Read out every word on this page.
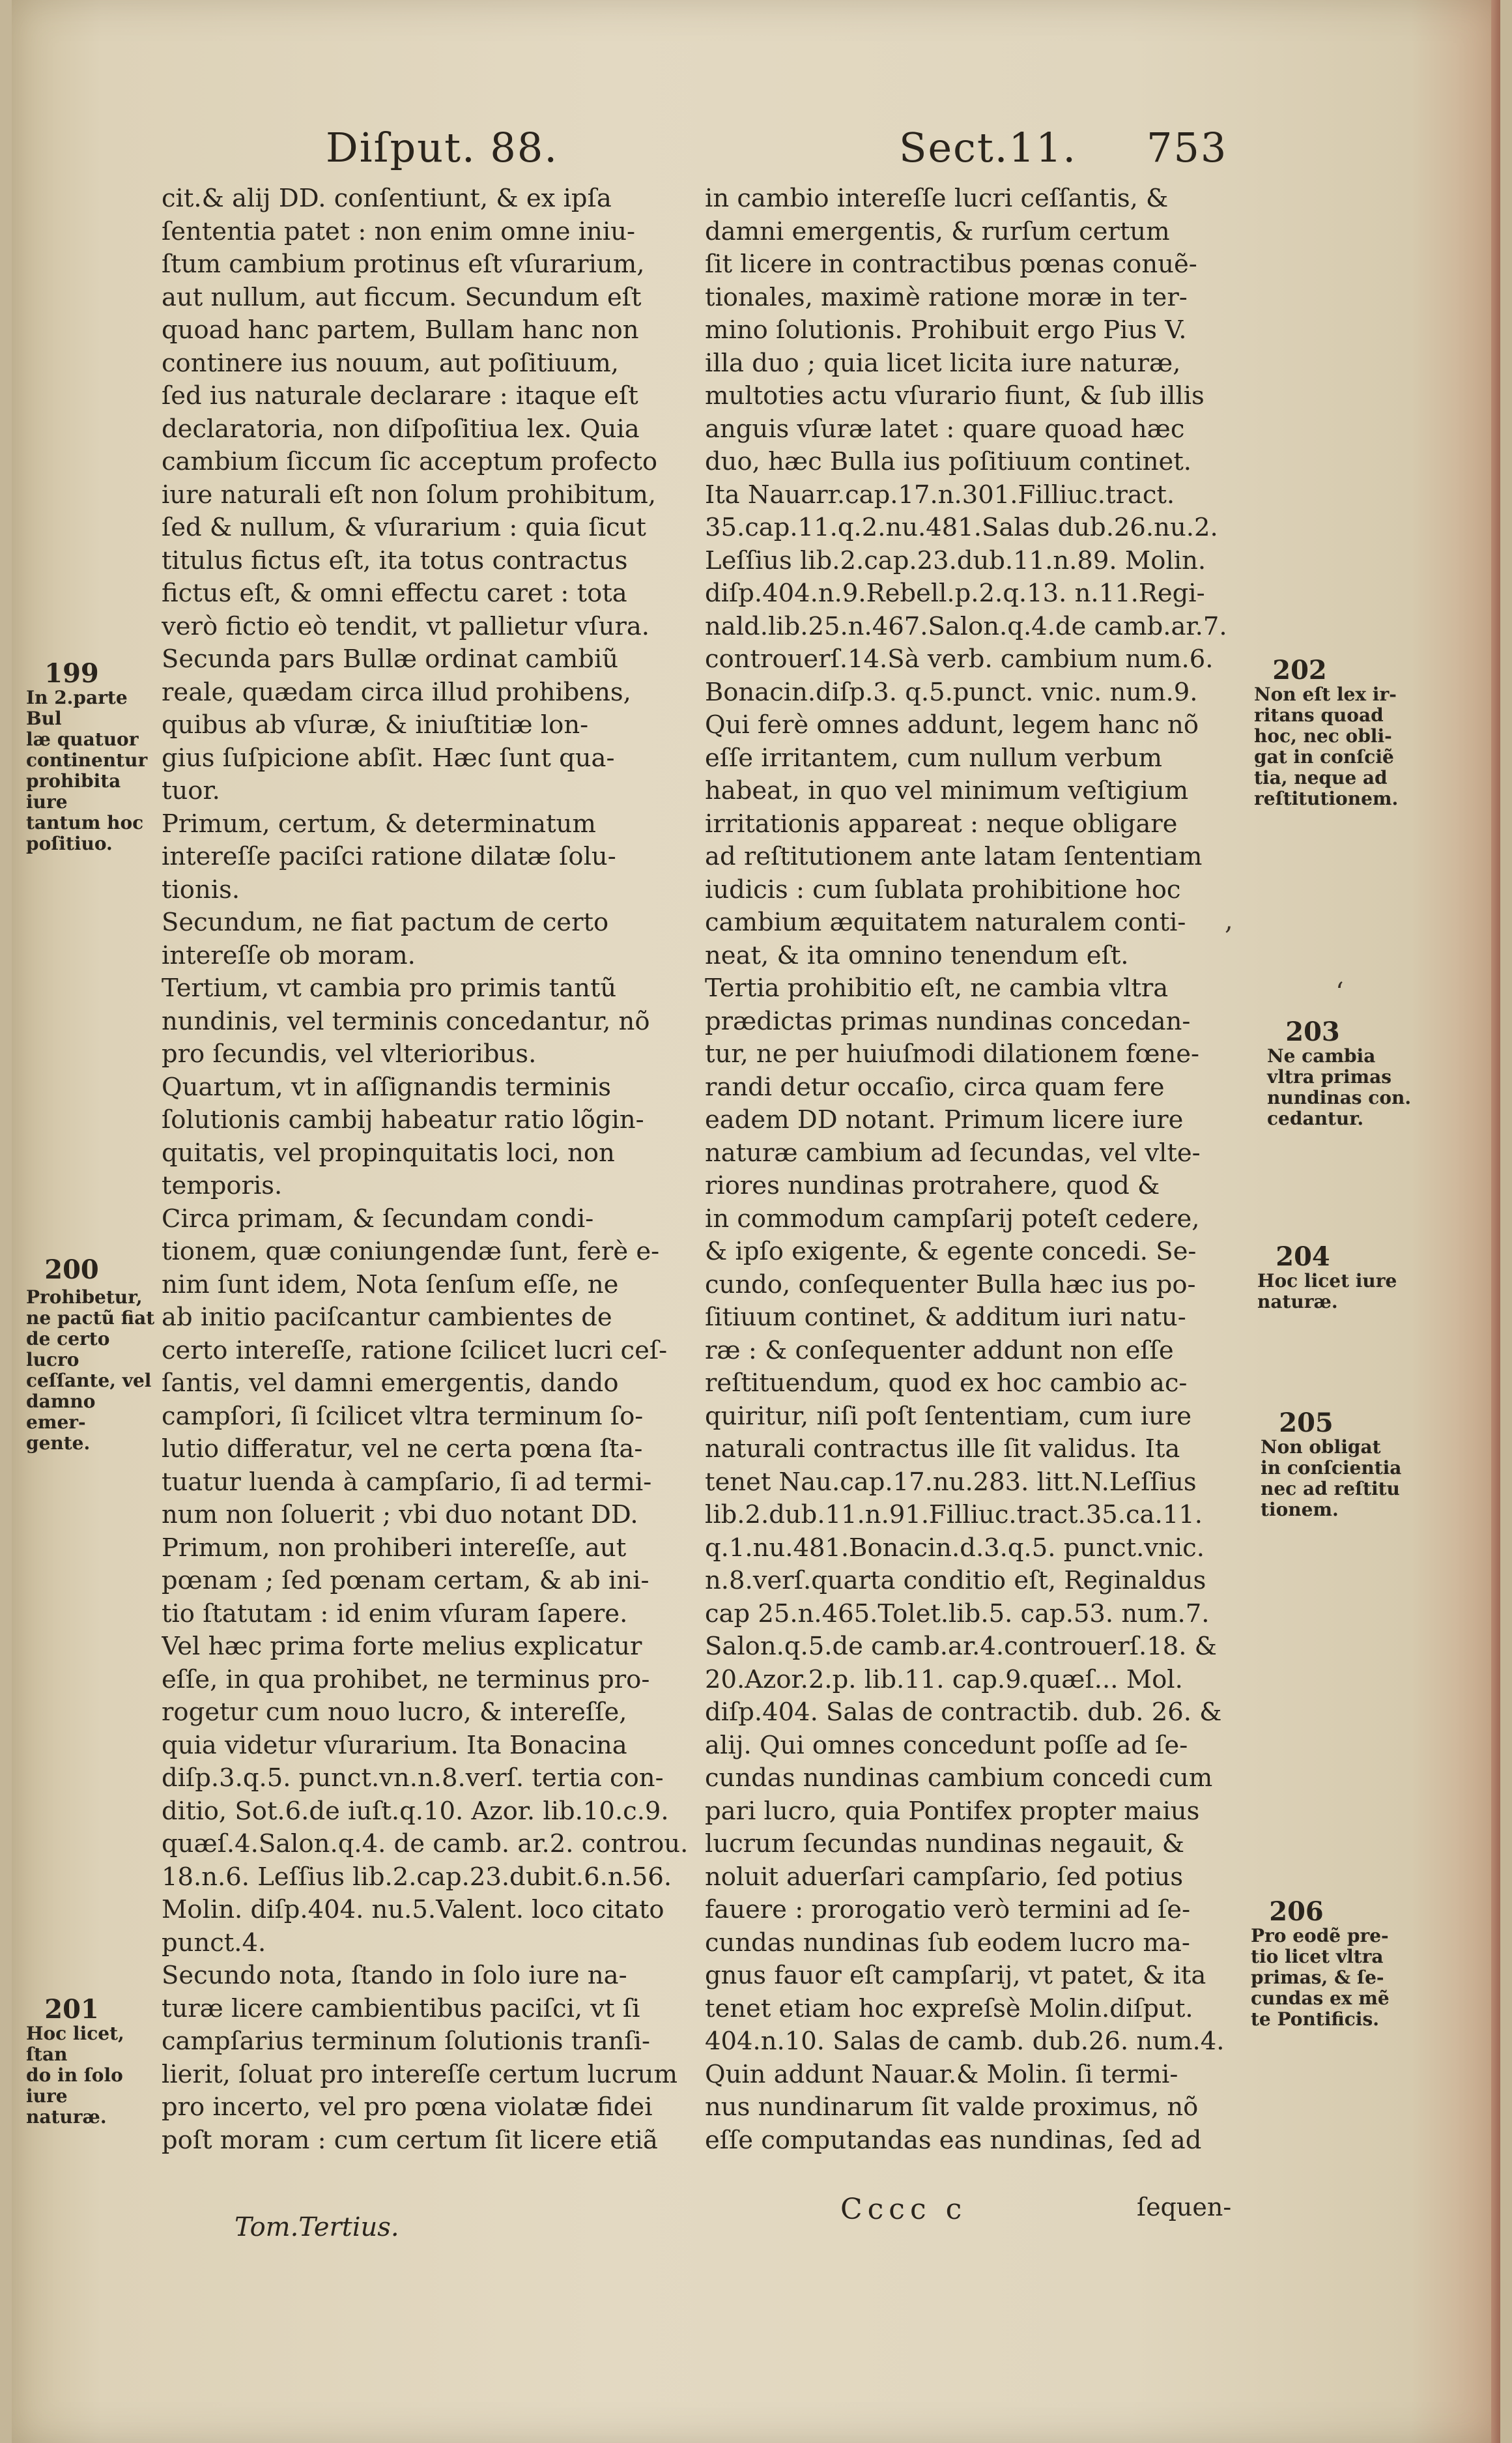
Diſput. 88.	Sect.11. 753
cit.& alij DD. conſentiunt, & ex ipſa
ſententia patet : non enim omne iniu-
ſtum cambium protinus eſt vſurarium,
aut nullum, aut ficcum. Secundum eſt
quoad hanc partem, Bullam hanc non
continere ius nouum, aut poſitiuum,
ſed ius naturale declarare : itaque eſt
declaratoria, non diſpoſitiua lex. Quia
cambium ſiccum ſic acceptum profecto
iure naturali eſt non ſolum prohibitum,
ſed & nullum, & vſurarium : quia ſicut
titulus fictus eſt, ita totus contractus
fictus eſt, & omni effectu caret : tota
verò fictio eò tendit, vt pallietur vſura.
Secunda pars Bullæ ordinat cambiũ
reale, quædam circa illud prohibens,
quibus ab vſuræ, & iniuſtitiæ lon-
gius ſuſpicione abſit. Hæc ſunt qua-
tuor.
Primum, certum, & determinatum
intereſſe paciſci ratione dilatæ ſolu-
tionis.
Secundum, ne fiat pactum de certo
intereſſe ob moram.
Tertium, vt cambia pro primis tantũ
nundinis, vel terminis concedantur, nõ
pro ſecundis, vel vlterioribus.
Quartum, vt in aſſignandis terminis
ſolutionis cambij habeatur ratio lõgin-
quitatis, vel propinquitatis loci, non
temporis.
Circa primam, & ſecundam condi-
tionem, quæ coniungendæ ſunt, ferè e-
nim ſunt idem, Nota ſenſum eſſe, ne
ab initio paciſcantur cambientes de
certo intereſſe, ratione ſcilicet lucri ceſ-
ſantis, vel damni emergentis, dando
campſori, ſi ſcilicet vltra terminum ſo-
lutio differatur, vel ne certa pœna ſta-
tuatur luenda à campſario, ſi ad termi-
num non ſoluerit ; vbi duo notant DD.
Primum, non prohiberi intereſſe, aut
pœnam ; ſed pœnam certam, & ab ini-
tio ſtatutam : id enim vſuram ſapere.
Vel hæc prima forte melius explicatur
eſſe, in qua prohibet, ne terminus pro-
rogetur cum nouo lucro, & intereſſe,
quia videtur vſurarium. Ita Bonacina
diſp.3.q.5. punct.vn.n.8.verſ. tertia con-
ditio, Sot.6.de iuſt.q.10. Azor. lib.10.c.9.
quæſ.4.Salon.q.4. de camb. ar.2. controu.
18.n.6. Leſſius lib.2.cap.23.dubit.6.n.56.
Molin. diſp.404. nu.5.Valent. loco citato
punct.4.
Secundo nota, ſtando in ſolo iure na-
turæ licere cambientibus paciſci, vt ſi
campſarius terminum ſolutionis tranſi-
lierit, ſoluat pro intereſſe certum lucrum
pro incerto, vel pro pœna violatæ fidei
poſt moram : cum certum ſit licere etiã
in cambio intereſſe lucri ceſſantis, &
damni emergentis, & rurſum certum
ſit licere in contractibus pœnas conuẽ-
tionales, maximè ratione moræ in ter-
mino ſolutionis. Prohibuit ergo Pius V.
illa duo ; quia licet licita iure naturæ,
multoties actu vſurario fiunt, & ſub illis
anguis vſuræ latet : quare quoad hæc
duo, hæc Bulla ius poſitiuum continet.
Ita Nauarr.cap.17.n.301.Filliuc.tract.
35.cap.11.q.2.nu.481.Salas dub.26.nu.2.
Leſſius lib.2.cap.23.dub.11.n.89. Molin.
diſp.404.n.9.Rebell.p.2.q.13. n.11.Regi-
nald.lib.25.n.467.Salon.q.4.de camb.ar.7.
controuerſ.14.Sà verb. cambium num.6.
Bonacin.diſp.3. q.5.punct. vnic. num.9.
Qui ferè omnes addunt, legem hanc nõ
eſſe irritantem, cum nullum verbum
habeat, in quo vel minimum veſtigium
irritationis appareat : neque obligare
ad reſtitutionem ante latam ſententiam
iudicis : cum ſublata prohibitione hoc
cambium æquitatem naturalem conti-
neat, & ita omnino tenendum eſt.
Tertia prohibitio eſt, ne cambia vltra
prædictas primas nundinas concedan-
tur, ne per huiuſmodi dilationem fœne-
randi detur occaſio, circa quam fere
eadem DD notant. Primum licere iure
naturæ cambium ad ſecundas, vel vlte-
riores nundinas protrahere, quod &
in commodum campſarij poteſt cedere,
& ipſo exigente, & egente concedi. Se-
cundo, conſequenter Bulla hæc ius po-
ſitiuum continet, & additum iuri natu-
ræ : & conſequenter addunt non eſſe
reſtituendum, quod ex hoc cambio ac-
quiritur, niſi poſt ſententiam, cum iure
naturali contractus ille ſit validus. Ita
tenet Nau.cap.17.nu.283. litt.N.Leſſius
lib.2.dub.11.n.91.Filliuc.tract.35.ca.11.
q.1.nu.481.Bonacin.d.3.q.5. punct.vnic.
n.8.verſ.quarta conditio eſt, Reginaldus
cap 25.n.465.Tolet.lib.5. cap.53. num.7.
Salon.q.5.de camb.ar.4.controuerſ.18. &
20.Azor.2.p. lib.11. cap.9.quæſ... Mol.
diſp.404. Salas de contractib. dub. 26. &
alij. Qui omnes concedunt poſſe ad ſe-
cundas nundinas cambium concedi cum
pari lucro, quia Pontifex propter maius
lucrum ſecundas nundinas negauit, &
noluit aduerſari campſario, ſed potius
fauere : prorogatio verò termini ad ſe-
cundas nundinas ſub eodem lucro ma-
gnus fauor eſt campſarij, vt patet, & ita
tenet etiam hoc expreſsè Molin.diſput.
404.n.10. Salas de camb. dub.26. num.4.
Quin addunt Nauar.& Molin. ſi termi-
nus nundinarum ſit valde proximus, nõ
eſſe computandas eas nundinas, ſed ad
199
In 2.parte Bul
læ quatuor
continentur
prohibita iure
tantum hoc
poſitiuo.
200
Prohibetur,
ne pactũ fiat
de certo lucro
ceſſante, vel
damno emer-
gente.
201
Hoc licet, ſtan
do in ſolo iure
naturæ.
202
Non eſt lex ir-
ritans quoad
hoc, nec obli-
gat in conſciẽ
tia, neque ad
reſtitutionem.
203
Ne cambia
vltra primas
nundinas con.
cedantur.
204
Hoc licet iure
naturæ.
205
Non obligat
in conſcientia
nec ad reſtitu
tionem.
206
Pro eodẽ pre-
tio licet vltra
primas, & ſe-
cundas ex mẽ
te Pontificis.
,
‘
Tom.Tertius.
Cccc c	ſequen-
